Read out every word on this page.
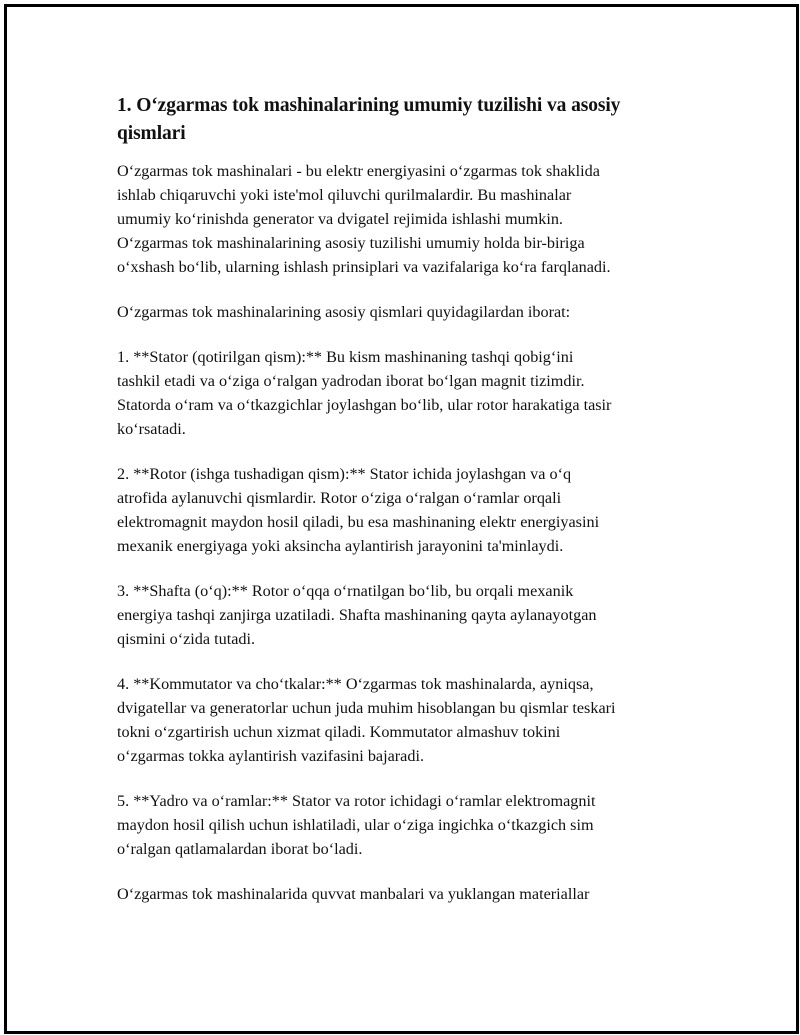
1. O‘zgarmas tok mashinalarining umumiy tuzilishi va asosiy
qismlari

O‘zgarmas tok mashinalari - bu elektr energiyasini o‘zgarmas tok shaklida
ishlab chiqaruvchi yoki iste'mol qiluvchi qurilmalardir. Bu mashinalar
umumiy ko‘rinishda generator va dvigatel rejimida ishlashi mumkin.
O‘zgarmas tok mashinalarining asosiy tuzilishi umumiy holda bir-biriga
o‘xshash bo‘lib, ularning ishlash prinsiplari va vazifalariga ko‘ra farqlanadi.

O‘zgarmas tok mashinalarining asosiy qismlari quyidagilardan iborat:

1. **Stator (qotirilgan qism):** Bu kism mashinaning tashqi qobig‘ini
tashkil etadi va o‘ziga o‘ralgan yadrodan iborat bo‘lgan magnit tizimdir.
Statorda o‘ram va o‘tkazgichlar joylashgan bo‘lib, ular rotor harakatiga tasir
ko‘rsatadi.

2. **Rotor (ishga tushadigan qism):** Stator ichida joylashgan va o‘q
atrofida aylanuvchi qismlardir. Rotor o‘ziga o‘ralgan o‘ramlar orqali
elektromagnit maydon hosil qiladi, bu esa mashinaning elektr energiyasini
mexanik energiyaga yoki aksincha aylantirish jarayonini ta'minlaydi.

3. **Shafta (o‘q):** Rotor o‘qqa o‘rnatilgan bo‘lib, bu orqali mexanik
energiya tashqi zanjirga uzatiladi. Shafta mashinaning qayta aylanayotgan
qismini o‘zida tutadi.

4. **Kommutator va cho‘tkalar:** O‘zgarmas tok mashinalarda, ayniqsa,
dvigatellar va generatorlar uchun juda muhim hisoblangan bu qismlar teskari
tokni o‘zgartirish uchun xizmat qiladi. Kommutator almashuv tokini
o‘zgarmas tokka aylantirish vazifasini bajaradi.

5. **Yadro va o‘ramlar:** Stator va rotor ichidagi o‘ramlar elektromagnit
maydon hosil qilish uchun ishlatiladi, ular o‘ziga ingichka o‘tkazgich sim
o‘ralgan qatlamalardan iborat bo‘ladi.

O‘zgarmas tok mashinalarida quvvat manbalari va yuklangan materiallar
